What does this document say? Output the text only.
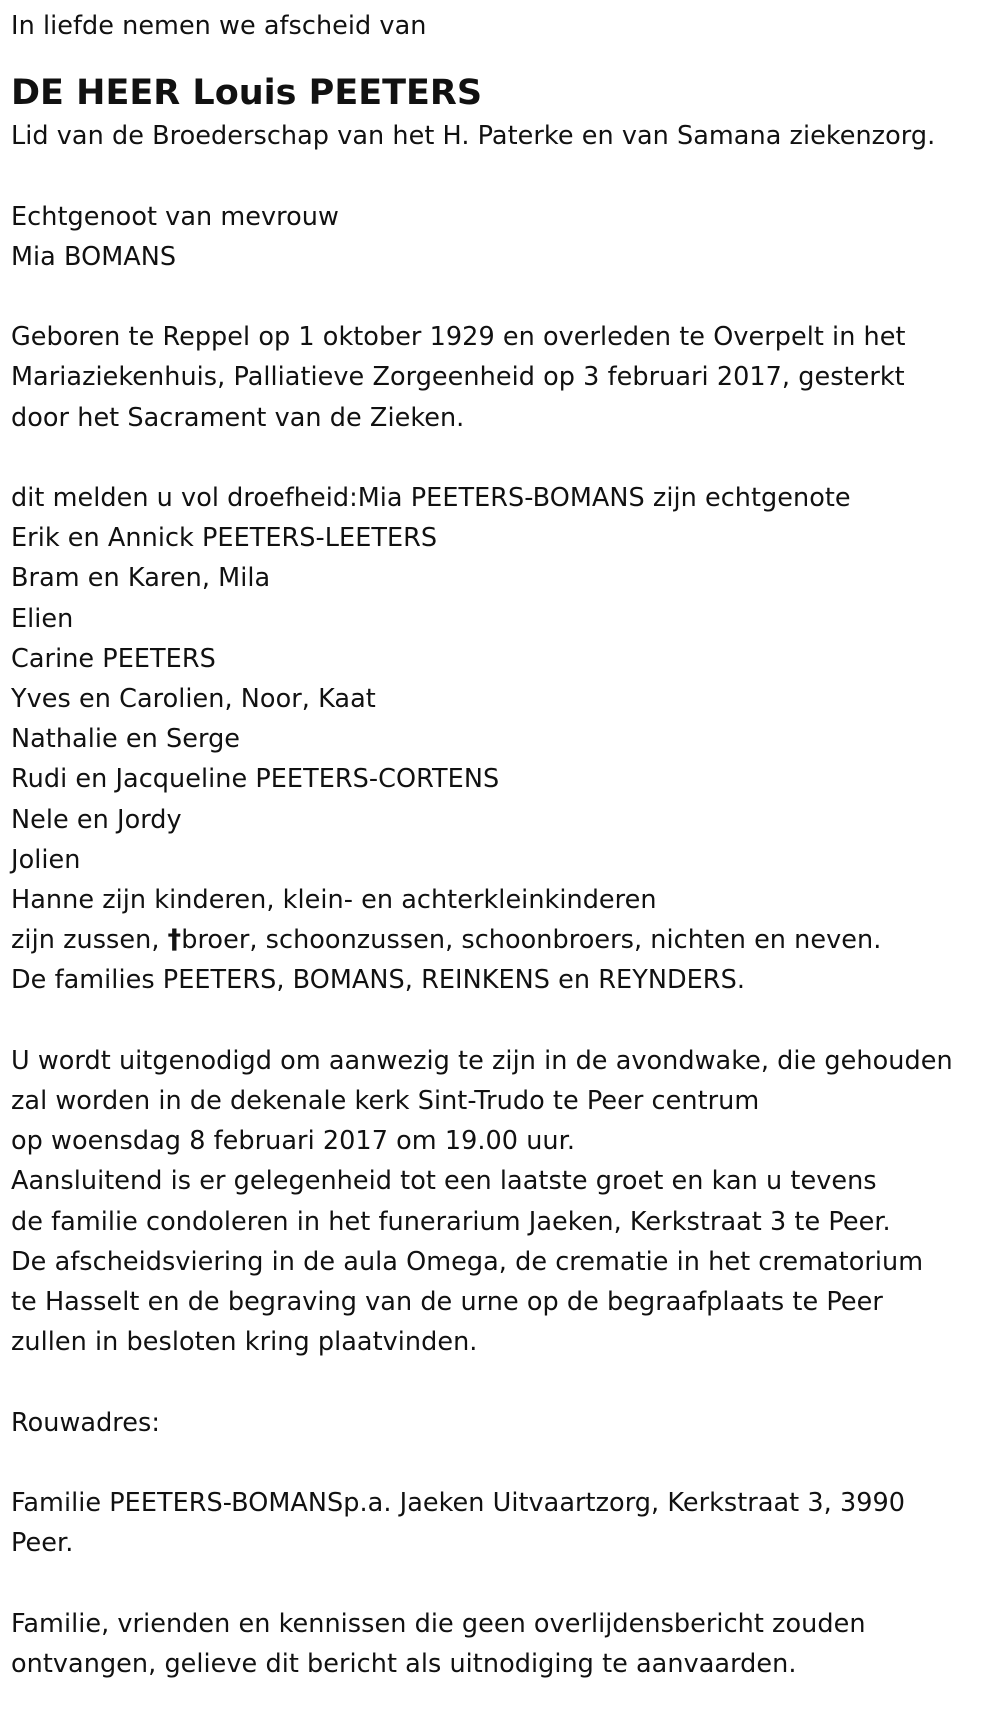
In liefde nemen we afscheid van
DE HEER Louis PEETERS
Lid van de Broederschap van het H. Paterke en van Samana ziekenzorg.
Echtgenoot van mevrouw
Mia BOMANS
Geboren te Reppel op 1 oktober 1929 en overleden te Overpelt in het
Mariaziekenhuis, Palliatieve Zorgeenheid op 3 februari 2017, gesterkt
door het Sacrament van de Zieken.
dit melden u vol droefheid:Mia PEETERS-BOMANS zijn echtgenote
Erik en Annick PEETERS-LEETERS
Bram en Karen, Mila
Elien
Carine PEETERS
Yves en Carolien, Noor, Kaat
Nathalie en Serge
Rudi en Jacqueline PEETERS-CORTENS
Nele en Jordy
Jolien
Hanne zijn kinderen, klein- en achterkleinkinderen
zijn zussen, †broer, schoonzussen, schoonbroers, nichten en neven.
De families PEETERS, BOMANS, REINKENS en REYNDERS.
U wordt uitgenodigd om aanwezig te zijn in de avondwake, die gehouden
zal worden in de dekenale kerk Sint-Trudo te Peer centrum
op woensdag 8 februari 2017 om 19.00 uur.
Aansluitend is er gelegenheid tot een laatste groet en kan u tevens
de familie condoleren in het funerarium Jaeken, Kerkstraat 3 te Peer.
De afscheidsviering in de aula Omega, de crematie in het crematorium
te Hasselt en de begraving van de urne op de begraafplaats te Peer
zullen in besloten kring plaatvinden.
Rouwadres:
Familie PEETERS-BOMANSp.a. Jaeken Uitvaartzorg, Kerkstraat 3, 3990
Peer.
Familie, vrienden en kennissen die geen overlijdensbericht zouden
ontvangen, gelieve dit bericht als uitnodiging te aanvaarden.
